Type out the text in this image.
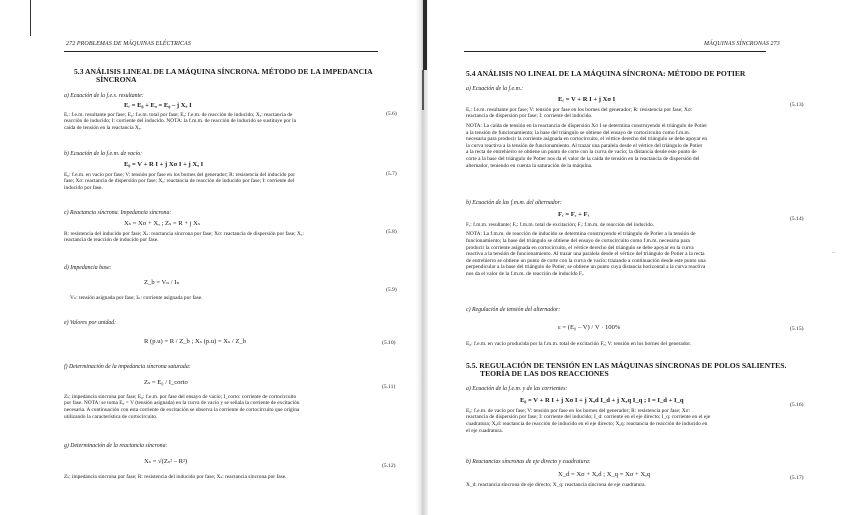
272 PROBLEMAS DE MÁQUINAS ELÉCTRICAS
5.3 ANÁLISIS LINEAL DE LA MÁQUINA SÍNCRONA. MÉTODO DE LA IMPEDANCIA
SÍNCRONA
a) Ecuación de la f.e.s. resultante:
Eᵣ = E₀ + Eₐ = E₀ – j Xₐ I
Eᵣ: f.e.m. resultante por fase; E₀: f.e.m. total por fase; Eₐ: f.e.m. de reacción de inducido; Xₐ: reactancia de
reacción de inducido; I: corriente del inducido. NOTA: la f.m.m. de reacción de inducido se sustituye por la
caída de tensión en la reactancia Xₐ.
(5.6)
b) Ecuación de la f.e.m. de vacío:
E₀ = V + R I + j Xσ I + j Xₐ I
E₀: f.e.m. en vacío por fase; V: tensión por fase en los bornes del generador; R: resistencia del inducido por
fase; Xσ: reactancia de dispersión por fase; Xₐ: reactancia de reacción de inducido por fase; I: corriente del
inducido por fase.
(5.7)
c) Reactancia síncrona. Impedancia síncrona:
Xₛ = Xσ + Xₐ ; Zₛ = R + j Xₛ
R: resistencia del inducido por fase; Xₛ: reactancia síncrona por fase; Xσ: reactancia de dispersión por fase; Xₐ:
reactancia de reacción de inducido por fase.
(5.8)
d) Impedancia base:
Z_b = Vₙ / Iₙ
Vₙ: tensión asignada por fase; Iₙ: corriente asignada por fase.
(5.9)
e) Valores por unidad:
R (p.u) = R / Z_b ; Xₛ (p.u) = Xₛ / Z_b	(5.10)
f) Determinación de la impedancia síncrona saturada:
Zₛ = E₀ / I_corto
Zₛ: impedancia síncrona por fase; E₀: f.e.m. por fase del ensayo de vacío; I_corto: corriente de cortocircuito
por fase. NOTA: se toma E₀ = V (tensión asignada) en la curva de vacío y se señala la corriente de excitación
necesaria. A continuación con esta corriente de excitación se observa la corriente de cortocircuito que origina
utilizando la característica de cortocircuito.
(5.11)
g) Determinación de la reactancia síncrona:
Xₛ = √(Zₛ² – R²)
Zₛ: impedancia síncrona por fase; R: resistencia del inducido por fase; Xₛ: reactancia síncrona por fase.
(5.12)
MÁQUINAS SÍNCRONAS 273
5.4 ANÁLISIS NO LINEAL DE LA MÁQUINA SÍNCRONA: MÉTODO DE POTIER
a) Ecuación de la f.e.m.:
Eᵣ = V + R I + j Xσ I
Eᵣ: f.e.m. resultante por fase; V: tensión por fase en los bornes del generador; R: resistencia por fase; Xσ:
reactancia de dispersión por fase; I: corriente del inducido.
NOTA: La caída de tensión en la reactancia de dispersión Xσ I se determina construyendo el triángulo de Potier
a la tensión de funcionamiento; la base del triángulo se obtiene del ensayo de cortocircuito como f.m.m.
necesaria para producir la corriente asignada en cortocircuito, el vértice derecho del triángulo se debe apoyar en
la curva reactiva a la tensión de funcionamiento. Al trazar una paralela desde el vértice del triángulo de Potier
a la recta de entrehierro se obtiene un punto de corte con la curva de vacío; la distancia desde este punto de
corte a la base del triángulo de Potier nos da el valor de la caída de tensión en la reactancia de dispersión del
alternador, teniendo en cuenta la saturación de la máquina.
(5.13)
b) Ecuación de las f.m.m. del alternador:
Fᵣ = Fₑ + Fᵢ
Fᵣ: f.m.m. resultante; Fₑ: f.m.m. total de excitación; Fᵢ: f.m.m. de reacción del inducido.
NOTA: La f.m.m. de reacción de inducido se determina construyendo el triángulo de Potier a la tensión de
funcionamiento; la base del triángulo se obtiene del ensayo de cortocircuito como f.m.m. necesaria para
producir la corriente asignada en cortocircuito, el vértice derecho del triángulo se debe apoyar en la curva
reactiva a la tensión de funcionamiento. Al trazar una paralela desde el vértice del triángulo de Potier a la recta
de entrehierro se obtiene un punto de corte con la curva de vacío; trazando a continuación desde este punto una
perpendicular a la base del triángulo de Potier, se obtiene un punto cuya distancia horizontal a la curva reactiva
nos da el valor de la f.m.m. de reacción de inducido Fᵢ.
(5.14)
c) Regulación de tensión del alternador:
ε = (E₀ – V) / V · 100%
E₀: f.e.m. en vacío producida por la f.m.m. total de excitación Fₑ; V: tensión en los bornes del generador.
(5.15)
5.5. REGULACIÓN DE TENSIÓN EN LAS MÁQUINAS SÍNCRONAS DE POLOS SALIENTES.
TEORÍA DE LAS DOS REACCIONES
a) Ecuación de la f.e.m. y de las corrientes:
E₀ = V + R I + j Xσ I + j Xₐd I_d + j Xₐq I_q ; I = I_d + I_q
E₀: f.e.m. de vacío por fase; V: tensión por fase en los bornes del generador; R: resistencia por fase; Xσ:
reactancia de dispersión por fase; I: corriente del inducido; I_d: corriente en el eje directo; I_q: corriente en el eje
cuadratura; Xₐd: reactancia de reacción de inducido en el eje directo; Xₐq: reactancia de reacción de inducido en
el eje cuadratura.
(5.16)
b) Reactancias síncronas de eje directo y cuadratura:
X_d = Xσ + Xₐd ; X_q = Xσ + Xₐq
X_d: reactancia síncrona de eje directo; X_q: reactancia síncrona de eje cuadratura.
(5.17)
–
